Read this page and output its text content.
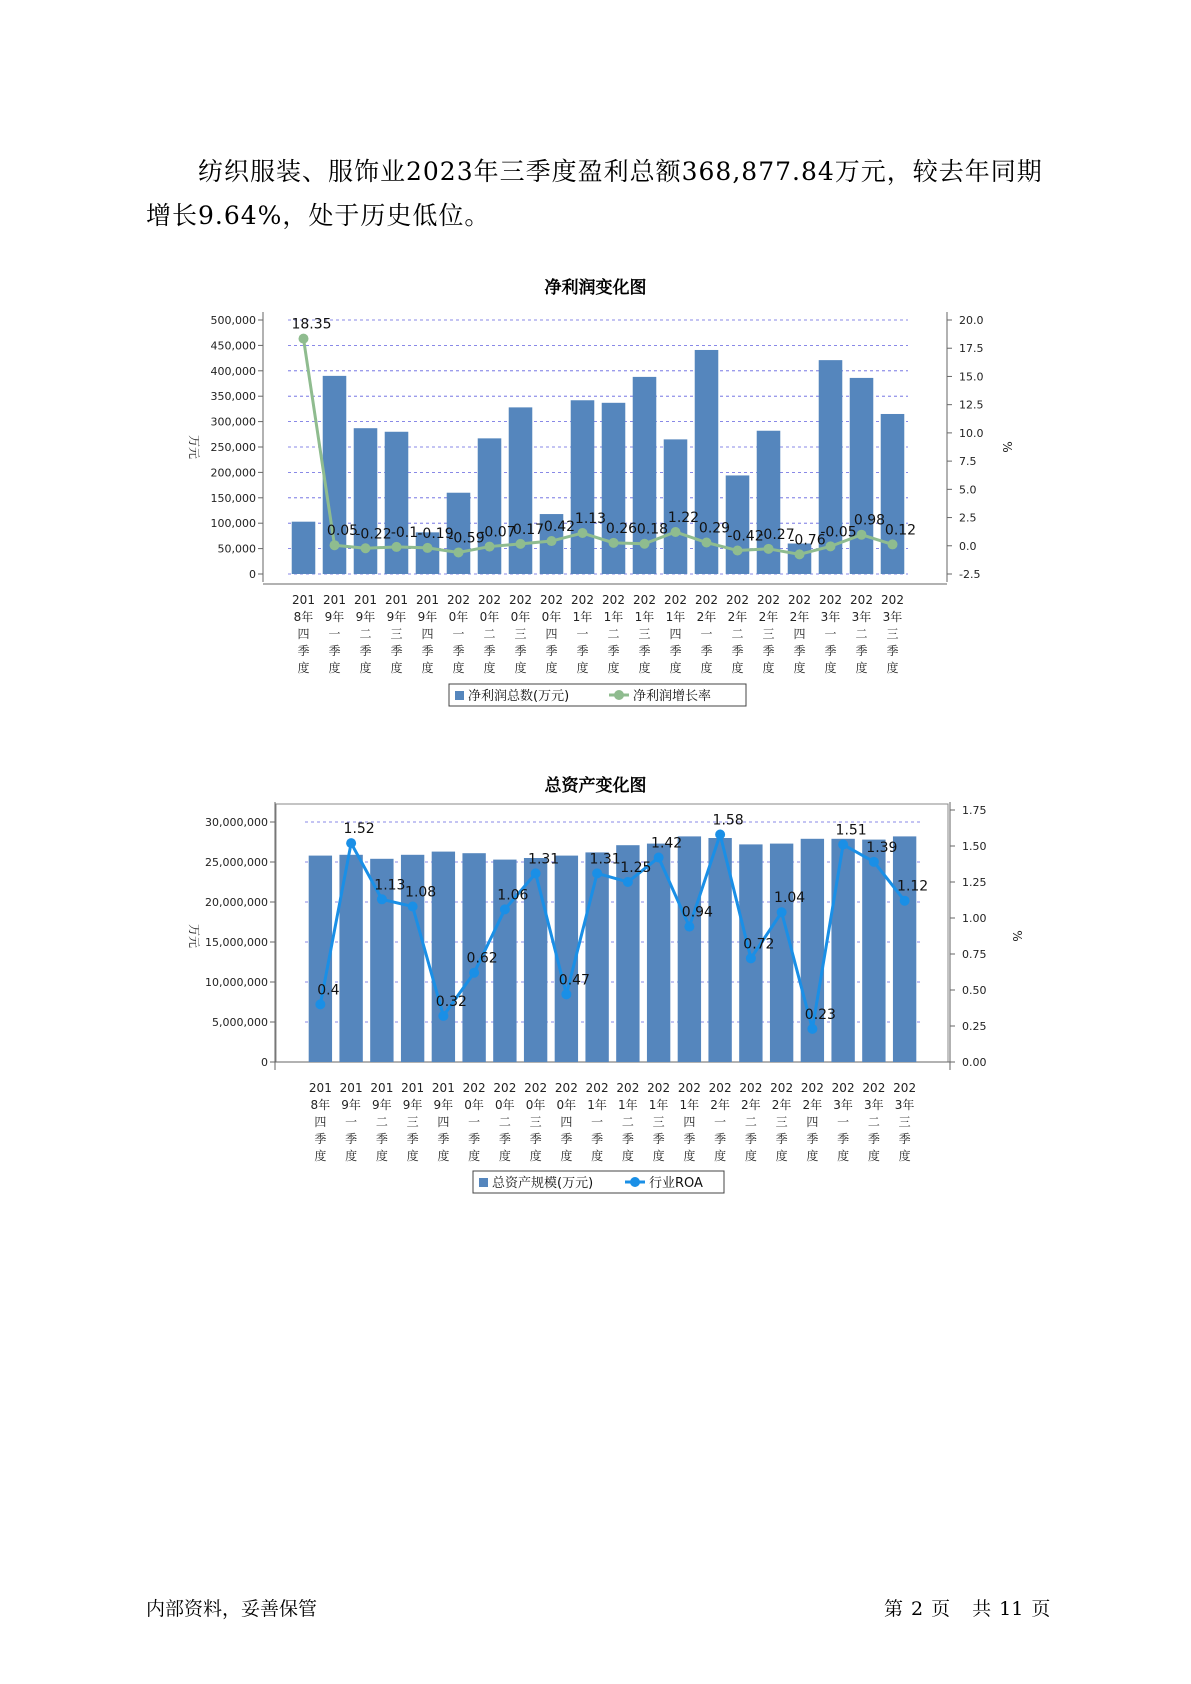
纺织服装、服饰业2023年三季度盈利总额368,877.84万元，较去年同期增长9.64%，处于历史低位。
净利润变化图
0
50,000
100,000
150,000
200,000
250,000
300,000
350,000
400,000
450,000
500,000
-2.5
0.0
2.5
5.0
7.5
10.0
12.5
15.0
17.5
20.0
万元	%
18.35
0.05
-0.22 -0.1 -0.19
-0.59
-0.07
0.17 0.42
1.13
0.26 0.18
1.22
0.29
-0.42
-0.27
-0.76
-0.05
0.98
0.12
201
8年
四
季
度
201
9年
一
季
度
201
9年
二
季
度
201
9年
三
季
度
201
9年
四
季
度
202
0年
一
季
度
202
0年
二
季
度
202
0年
三
季
度
202
0年
四
季
度
202
1年
一
季
度
202
1年
二
季
度
202
1年
三
季
度
202
1年
四
季
度
202
2年
一
季
度
202
2年
二
季
度
202
2年
三
季
度
202
2年
四
季
度
202
3年
一
季
度
202
3年
二
季
度
202
3年
三
季
度
净利润总数(万元)	净利润增长率
总资产变化图
0
5,000,000
10,000,000
15,000,000
20,000,000
25,000,000
30,000,000
0.00
0.25
0.50
0.75
1.00
1.25
1.50
1.75
万元	%
0.4
1.52
1.13 1.08
0.32
0.62
1.06
1.31
0.47
1.31
1.25
1.42
0.94
1.58
0.72
1.04
0.23
1.51
1.39
1.12
201
8年
四
季
度
201
9年
一
季
度
201
9年
二
季
度
201
9年
三
季
度
201
9年
四
季
度
202
0年
一
季
度
202
0年
二
季
度
202
0年
三
季
度
202
0年
四
季
度
202
1年
一
季
度
202
1年
二
季
度
202
1年
三
季
度
202
1年
四
季
度
202
2年
一
季
度
202
2年
二
季
度
202
2年
三
季
度
202
2年
四
季
度
202
3年
一
季
度
202
3年
二
季
度
202
3年
三
季
度
总资产规模(万元)	行业ROA
内部资料，妥善保管	第 2 页 共 11 页
